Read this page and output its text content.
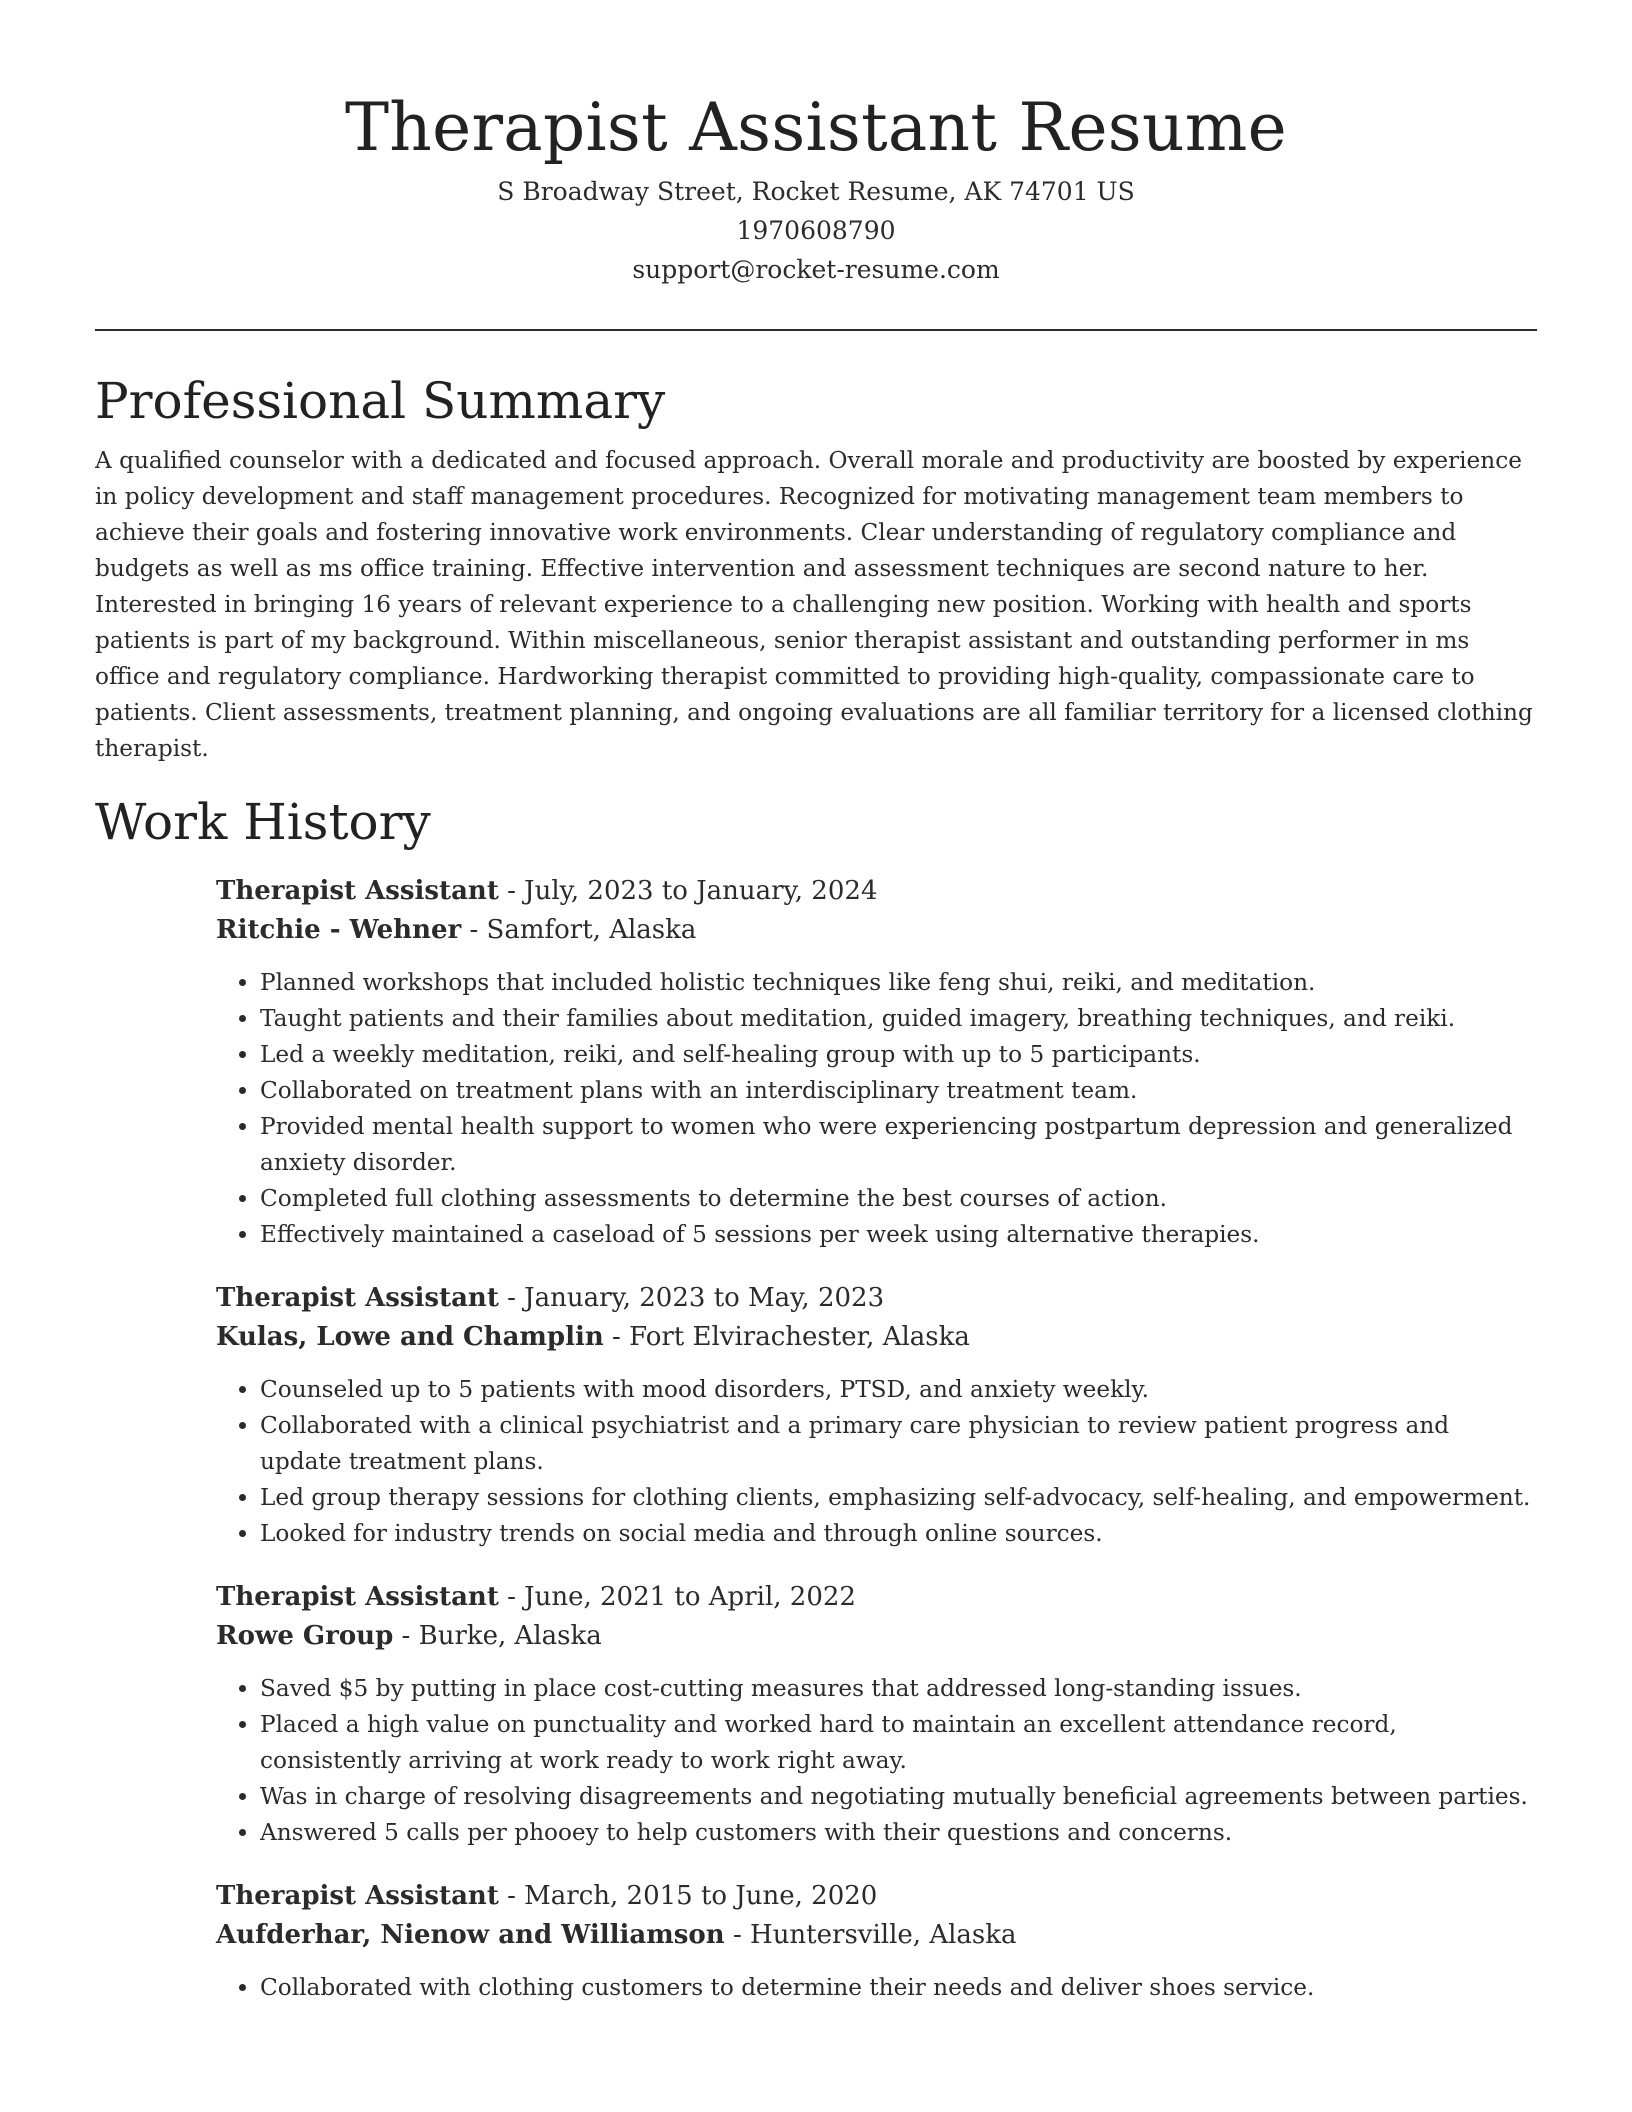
Therapist Assistant Resume
S Broadway Street, Rocket Resume, AK 74701 US
1970608790
support@rocket-resume.com
Professional Summary

A qualified counselor with a dedicated and focused approach. Overall morale and productivity are boosted by experience in policy development and staff management procedures. Recognized for motivating management team members to achieve their goals and fostering innovative work environments. Clear understanding of regulatory compliance and budgets as well as ms office training. Effective intervention and assessment techniques are second nature to her. Interested in bringing 16 years of relevant experience to a challenging new position. Working with health and sports patients is part of my background. Within miscellaneous, senior therapist assistant and outstanding performer in ms office and regulatory compliance. Hardworking therapist committed to providing high-quality, compassionate care to patients. Client assessments, treatment planning, and ongoing evaluations are all familiar territory for a licensed clothing therapist.

Work History
Therapist Assistant - July, 2023 to January, 2024
Ritchie - Wehner - Samfort, Alaska
• Planned workshops that included holistic techniques like feng shui, reiki, and meditation.
• Taught patients and their families about meditation, guided imagery, breathing techniques, and reiki.
• Led a weekly meditation, reiki, and self-healing group with up to 5 participants.
• Collaborated on treatment plans with an interdisciplinary treatment team.
• Provided mental health support to women who were experiencing postpartum depression and generalized anxiety disorder.
• Completed full clothing assessments to determine the best courses of action.
• Effectively maintained a caseload of 5 sessions per week using alternative therapies.
Therapist Assistant - January, 2023 to May, 2023
Kulas, Lowe and Champlin - Fort Elvirachester, Alaska
• Counseled up to 5 patients with mood disorders, PTSD, and anxiety weekly.
• Collaborated with a clinical psychiatrist and a primary care physician to review patient progress and update treatment plans.
• Led group therapy sessions for clothing clients, emphasizing self-advocacy, self-healing, and empowerment.
• Looked for industry trends on social media and through online sources.
Therapist Assistant - June, 2021 to April, 2022
Rowe Group - Burke, Alaska
• Saved $5 by putting in place cost-cutting measures that addressed long-standing issues.
• Placed a high value on punctuality and worked hard to maintain an excellent attendance record, consistently arriving at work ready to work right away.
• Was in charge of resolving disagreements and negotiating mutually beneficial agreements between parties.
• Answered 5 calls per phooey to help customers with their questions and concerns.
Therapist Assistant - March, 2015 to June, 2020
Aufderhar, Nienow and Williamson - Huntersville, Alaska
• Collaborated with clothing customers to determine their needs and deliver shoes service.
